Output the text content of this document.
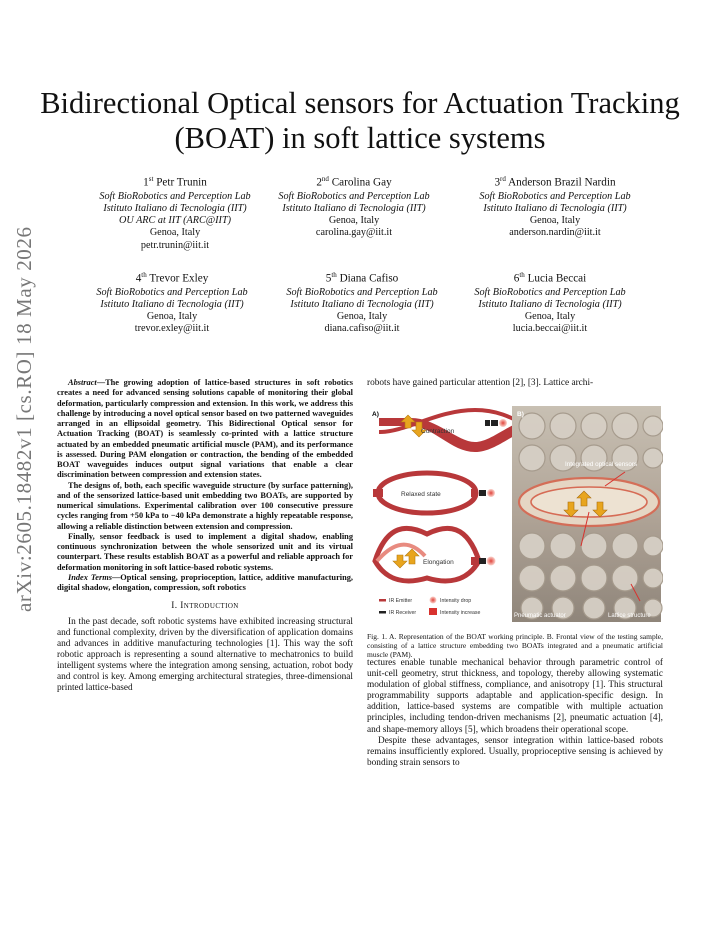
arXiv:2605.18482v1 [cs.RO] 18 May 2026
Bidirectional Optical sensors for Actuation Tracking (BOAT) in soft lattice systems
1st Petr Trunin
Soft BioRobotics and Perception Lab
Istituto Italiano di Tecnologia (IIT)
OU ARC at IIT (ARC@IIT)
Genoa, Italy
petr.trunin@iit.it
2nd Carolina Gay
Soft BioRobotics and Perception Lab
Istituto Italiano di Tecnologia (IIT)
Genoa, Italy
carolina.gay@iit.it
3rd Anderson Brazil Nardin
Soft BioRobotics and Perception Lab
Istituto Italiano di Tecnologia (IIT)
Genoa, Italy
anderson.nardin@iit.it
4th Trevor Exley
Soft BioRobotics and Perception Lab
Istituto Italiano di Tecnologia (IIT)
Genoa, Italy
trevor.exley@iit.it
5th Diana Cafiso
Soft BioRobotics and Perception Lab
Istituto Italiano di Tecnologia (IIT)
Genoa, Italy
diana.cafiso@iit.it
6th Lucia Beccai
Soft BioRobotics and Perception Lab
Istituto Italiano di Tecnologia (IIT)
Genoa, Italy
lucia.beccai@iit.it

Abstract—The growing adoption of lattice-based structures in soft robotics creates a need for advanced sensing solutions capable of monitoring their global deformation, particularly compression and extension. In this work, we address this challenge by introducing a novel optical sensor based on two patterned waveguides arranged in an ellipsoidal geometry. This Bidirectional Optical sensor for Actuation Tracking (BOAT) is seamlessly co-printed with a lattice structure actuated by an embedded pneumatic artificial muscle (PAM), and its performance is assessed. During PAM elongation or contraction, the bending of the embedded BOAT waveguides induces output signal variations that enable a clear discrimination between compression and extension states.

The designs of, both, each specific waveguide structure (by surface patterning), and of the sensorized lattice-based unit embedding two BOATs, are supported by numerical simulations. Experimental calibration over 100 consecutive pressure cycles ranging from +50 kPa to −40 kPa demonstrate a highly repeatable response, allowing a reliable distinction between extension and compression.

Finally, sensor feedback is used to implement a digital shadow, enabling continuous synchronization between the whole sensorized unit and its virtual counterpart. These results establish BOAT as a powerful and reliable approach for deformation monitoring in soft lattice-based robotic systems.

Index Terms—Optical sensing, proprioception, lattice, additive manufacturing, digital shadow, elongation, compression, soft robotics

I. Introduction

In the past decade, soft robotic systems have exhibited increasing structural and functional complexity, driven by the diversification of application domains and advances in additive manufacturing technologies [1]. This way the soft robotic approach is representing a sound alternative to mechatronics to build intelligent systems where the integration among sensing, actuation, robot body and control is key. Among emerging architectural strategies, three-dimensional printed lattice-based

robots have gained particular attention [2], [3]. Lattice archi-
A)
Contraction
Relaxed state
Elongation
IR Emitter
IR Receiver
Intensity drop
Intensity increase
B)
Integrated optical sensors
Pneumatic actuator	Lattice structure
Fig. 1. A. Representation of the BOAT working principle. B. Frontal view of the testing sample, consisting of a lattice structure embedding two BOATs integrated and a pneumatic artificial muscle (PAM).

tectures enable tunable mechanical behavior through parametric control of unit-cell geometry, strut thickness, and topology, thereby allowing systematic modulation of global stiffness, compliance, and anisotropy [1]. This structural programmability supports adaptable and application-specific design. In addition, lattice-based systems are compatible with multiple actuation principles, including tendon-driven mechanisms [2], pneumatic actuation [4], and shape-memory alloys [5], which broadens their operational scope.

Despite these advantages, sensor integration within lattice-based robots remains insufficiently explored. Usually, proprioceptive sensing is achieved by bonding strain sensors to
